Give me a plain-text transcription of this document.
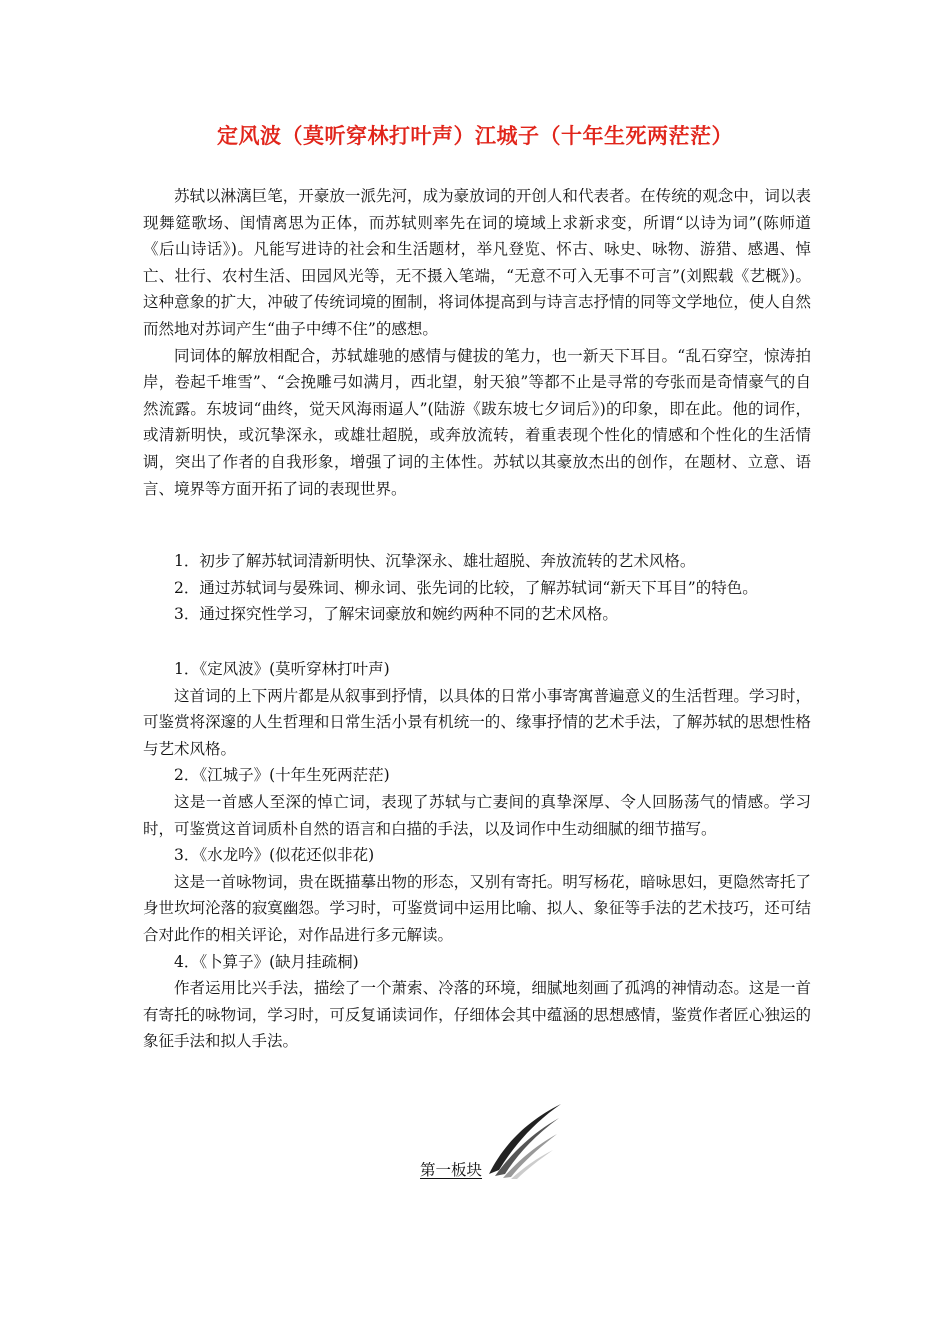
定风波（莫听穿林打叶声）江城子（十年生死两茫茫）

苏轼以淋漓巨笔，开豪放一派先河，成为豪放词的开创人和代表者。在传统的观念中，词以表现舞筵歌场、闺情离思为正体，而苏轼则率先在词的境域上求新求变，所谓“以诗为词”(陈师道《后山诗话》)。凡能写进诗的社会和生活题材，举凡登览、怀古、咏史、咏物、游猎、感遇、悼亡、壮行、农村生活、田园风光等，无不摄入笔端，“无意不可入无事不可言”(刘熙载《艺概》)。这种意象的扩大，冲破了传统词境的囿制，将词体提高到与诗言志抒情的同等文学地位，使人自然而然地对苏词产生“曲子中缚不住”的感想。

同词体的解放相配合，苏轼雄驰的感情与健拔的笔力，也一新天下耳目。“乱石穿空，惊涛拍岸，卷起千堆雪”、“会挽雕弓如满月，西北望，射天狼”等都不止是寻常的夸张而是奇情豪气的自然流露。东坡词“曲终，觉天风海雨逼人”(陆游《跋东坡七夕词后》)的印象，即在此。他的词作，或清新明快，或沉挚深永，或雄壮超脱，或奔放流转，着重表现个性化的情感和个性化的生活情调，突出了作者的自我形象，增强了词的主体性。苏轼以其豪放杰出的创作，在题材、立意、语言、境界等方面开拓了词的表现世界。

1．初步了解苏轼词清新明快、沉挚深永、雄壮超脱、奔放流转的艺术风格。

2．通过苏轼词与晏殊词、柳永词、张先词的比较，了解苏轼词“新天下耳目”的特色。

3．通过探究性学习，了解宋词豪放和婉约两种不同的艺术风格。

1．《定风波》(莫听穿林打叶声)

这首词的上下两片都是从叙事到抒情，以具体的日常小事寄寓普遍意义的生活哲理。学习时，可鉴赏将深邃的人生哲理和日常生活小景有机统一的、缘事抒情的艺术手法，了解苏轼的思想性格与艺术风格。

2．《江城子》(十年生死两茫茫)

这是一首感人至深的悼亡词，表现了苏轼与亡妻间的真挚深厚、令人回肠荡气的情感。学习时，可鉴赏这首词质朴自然的语言和白描的手法，以及词作中生动细腻的细节描写。

3．《水龙吟》(似花还似非花)

这是一首咏物词，贵在既描摹出物的形态，又别有寄托。明写杨花，暗咏思妇，更隐然寄托了身世坎坷沦落的寂寞幽怨。学习时，可鉴赏词中运用比喻、拟人、象征等手法的艺术技巧，还可结合对此作的相关评论，对作品进行多元解读。

4．《卜算子》(缺月挂疏桐)

作者运用比兴手法，描绘了一个萧索、冷落的环境，细腻地刻画了孤鸿的神情动态。这是一首有寄托的咏物词，学习时，可反复诵读词作，仔细体会其中蕴涵的思想感情，鉴赏作者匠心独运的象征手法和拟人手法。

第一板块
